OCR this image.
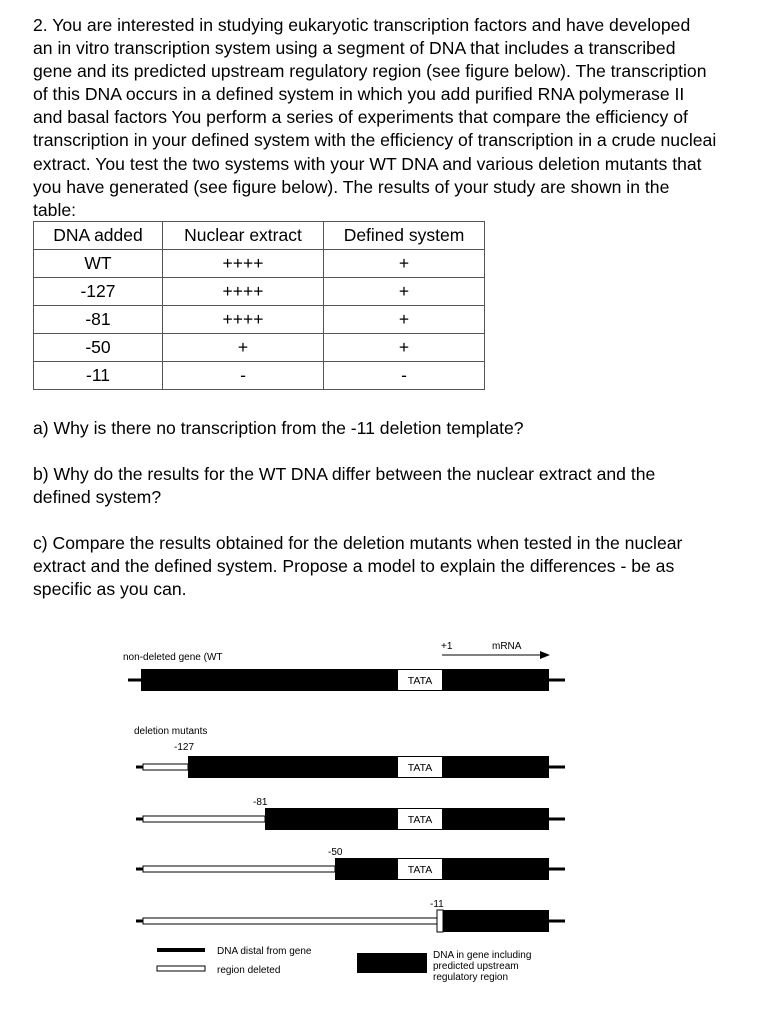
2. You are interested in studying eukaryotic transcription factors and have developed
an in vitro transcription system using a segment of DNA that includes a transcribed
gene and its predicted upstream regulatory region (see figure below). The transcription
of this DNA occurs in a defined system in which you add purified RNA polymerase II
and basal factors You perform a series of experiments that compare the efficiency of
transcription in your defined system with the efficiency of transcription in a crude nucleai
extract. You test the two systems with your WT DNA and various deletion mutants that
you have generated (see figure below). The results of your study are shown in the
table:
DNA added	Nuclear extract	Defined system
WT	++++	+
-127	++++	+
-81	++++	+
-50	+	+
-11	-	-
a) Why is there no transcription from the -11 deletion template?
b) Why do the results for the WT DNA differ between the nuclear extract and the
defined system?
c) Compare the results obtained for the deletion mutants when tested in the nuclear
extract and the defined system. Propose a model to explain the differences - be as
specific as you can.
non-deleted gene (WT
+1	mRNA
TATA
deletion mutants
-127
TATA
-81
TATA
-50
TATA
-11
DNA distal from gene
region deleted
DNA in gene including
predicted upstream
regulatory region
